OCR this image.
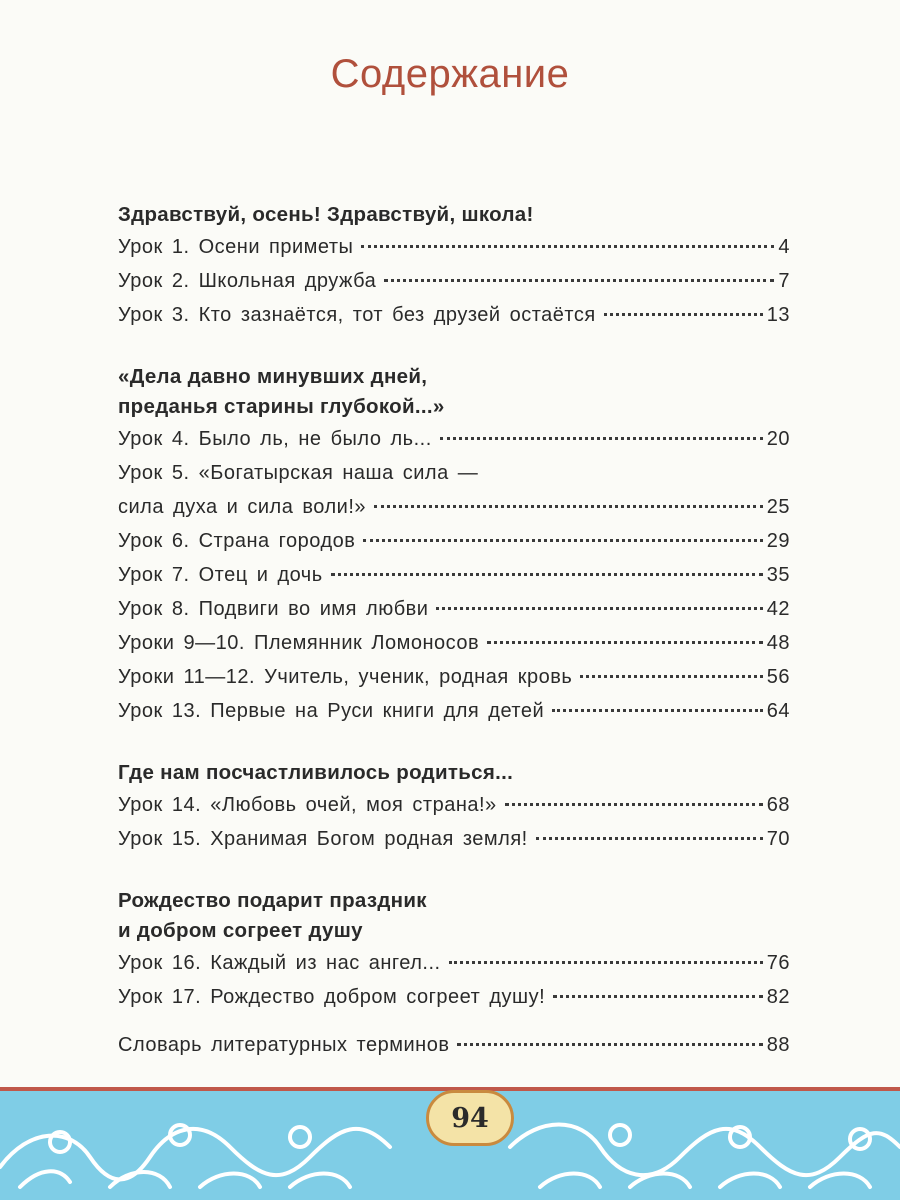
Содержание
Здравствуй, осень! Здравствуй, школа!
Урок 1. Осени приметы	4
Урок 2. Школьная дружба	7
Урок 3. Кто зазнаётся, тот без друзей остаётся	13
«Дела давно минувших дней,
преданья старины глубокой...»
Урок 4. Было ль, не было ль...	20
Урок 5. «Богатырская наша сила —
сила духа и сила воли!»	25
Урок 6. Страна городов	29
Урок 7. Отец и дочь	35
Урок 8. Подвиги во имя любви	42
Уроки 9—10. Племянник Ломоносов	48
Уроки 11—12. Учитель, ученик, родная кровь	56
Урок 13. Первые на Руси книги для детей	64
Где нам посчастливилось родиться...
Урок 14. «Любовь очей, моя страна!»	68
Урок 15. Хранимая Богом родная земля!	70
Рождество подарит праздник
и добром согреет душу
Урок 16. Каждый из нас ангел...	76
Урок 17. Рождество добром согреет душу!	82
Словарь литературных терминов	88
94
